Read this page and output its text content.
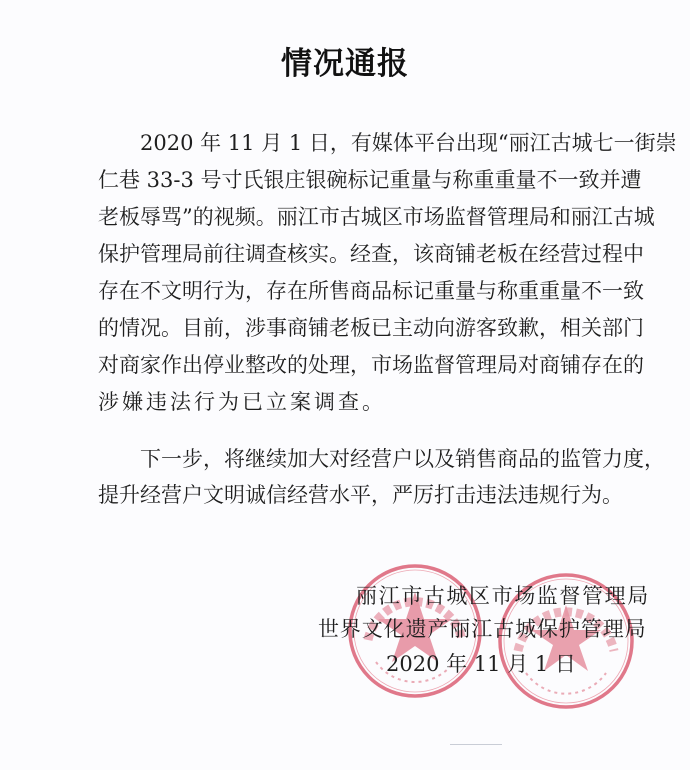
情况通报
2020 年 11 月 1 日，有媒体平台出现“丽江古城七一街崇
仁巷 33-3 号寸氏银庄银碗标记重量与称重重量不一致并遭
老板辱骂”的视频。丽江市古城区市场监督管理局和丽江古城
保护管理局前往调查核实。经查，该商铺老板在经营过程中
存在不文明行为，存在所售商品标记重量与称重重量不一致
的情况。目前，涉事商铺老板已主动向游客致歉，相关部门
对商家作出停业整改的处理，市场监督管理局对商铺存在的
涉嫌违法行为已立案调查。
下一步，将继续加大对经营户以及销售商品的监管力度，
提升经营户文明诚信经营水平，严厉打击违法违规行为。
丽江市古城区市场监督管理局
世界文化遗产丽江古城保护管理局
2020 年 11 月 1 日
